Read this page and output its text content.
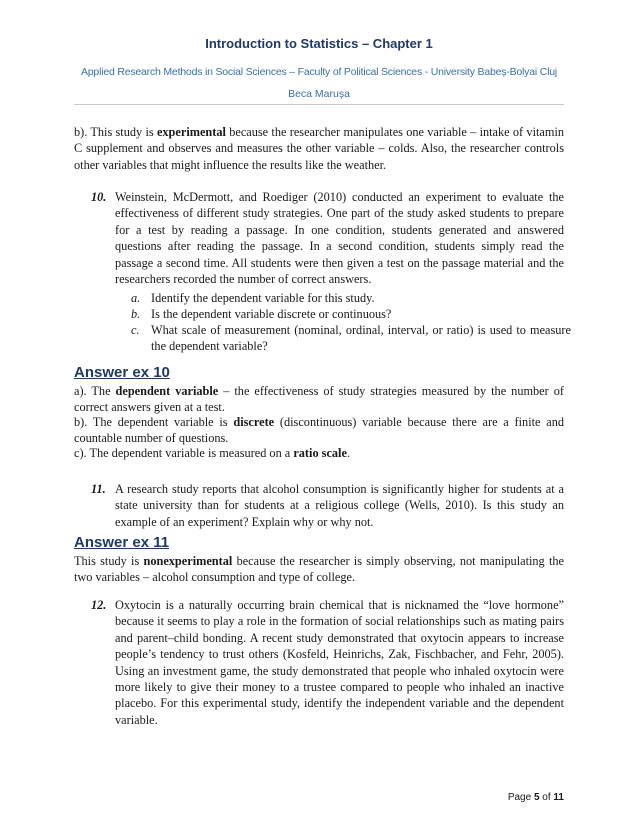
Introduction to Statistics – Chapter 1
Applied Research Methods in Social Sciences – Faculty of Political Sciences - University Babeș-Bolyai Cluj
Beca Marușa
b). This study is experimental because the researcher manipulates one variable – intake of vitamin C supplement and observes and measures the other variable – colds. Also, the researcher controls other variables that might influence the results like the weather.
10. Weinstein, McDermott, and Roediger (2010) conducted an experiment to evaluate the effectiveness of different study strategies. One part of the study asked students to prepare for a test by reading a passage. In one condition, students generated and answered questions after reading the passage. In a second condition, students simply read the passage a second time. All students were then given a test on the passage material and the researchers recorded the number of correct answers.
a. Identify the dependent variable for this study.
b. Is the dependent variable discrete or continuous?
c. What scale of measurement (nominal, ordinal, interval, or ratio) is used to measure the dependent variable?
Answer ex 10
a). The dependent variable – the effectiveness of study strategies measured by the number of correct answers given at a test.
b). The dependent variable is discrete (discontinuous) variable because there are a finite and countable number of questions.
c). The dependent variable is measured on a ratio scale.
11. A research study reports that alcohol consumption is significantly higher for students at a state university than for students at a religious college (Wells, 2010). Is this study an example of an experiment? Explain why or why not.
Answer ex 11
This study is nonexperimental because the researcher is simply observing, not manipulating the two variables – alcohol consumption and type of college.
12. Oxytocin is a naturally occurring brain chemical that is nicknamed the “love hormone” because it seems to play a role in the formation of social relationships such as mating pairs and parent–child bonding. A recent study demonstrated that oxytocin appears to increase people’s tendency to trust others (Kosfeld, Heinrichs, Zak, Fischbacher, and Fehr, 2005). Using an investment game, the study demonstrated that people who inhaled oxytocin were more likely to give their money to a trustee compared to people who inhaled an inactive placebo. For this experimental study, identify the independent variable and the dependent variable.
Page 5 of 11
